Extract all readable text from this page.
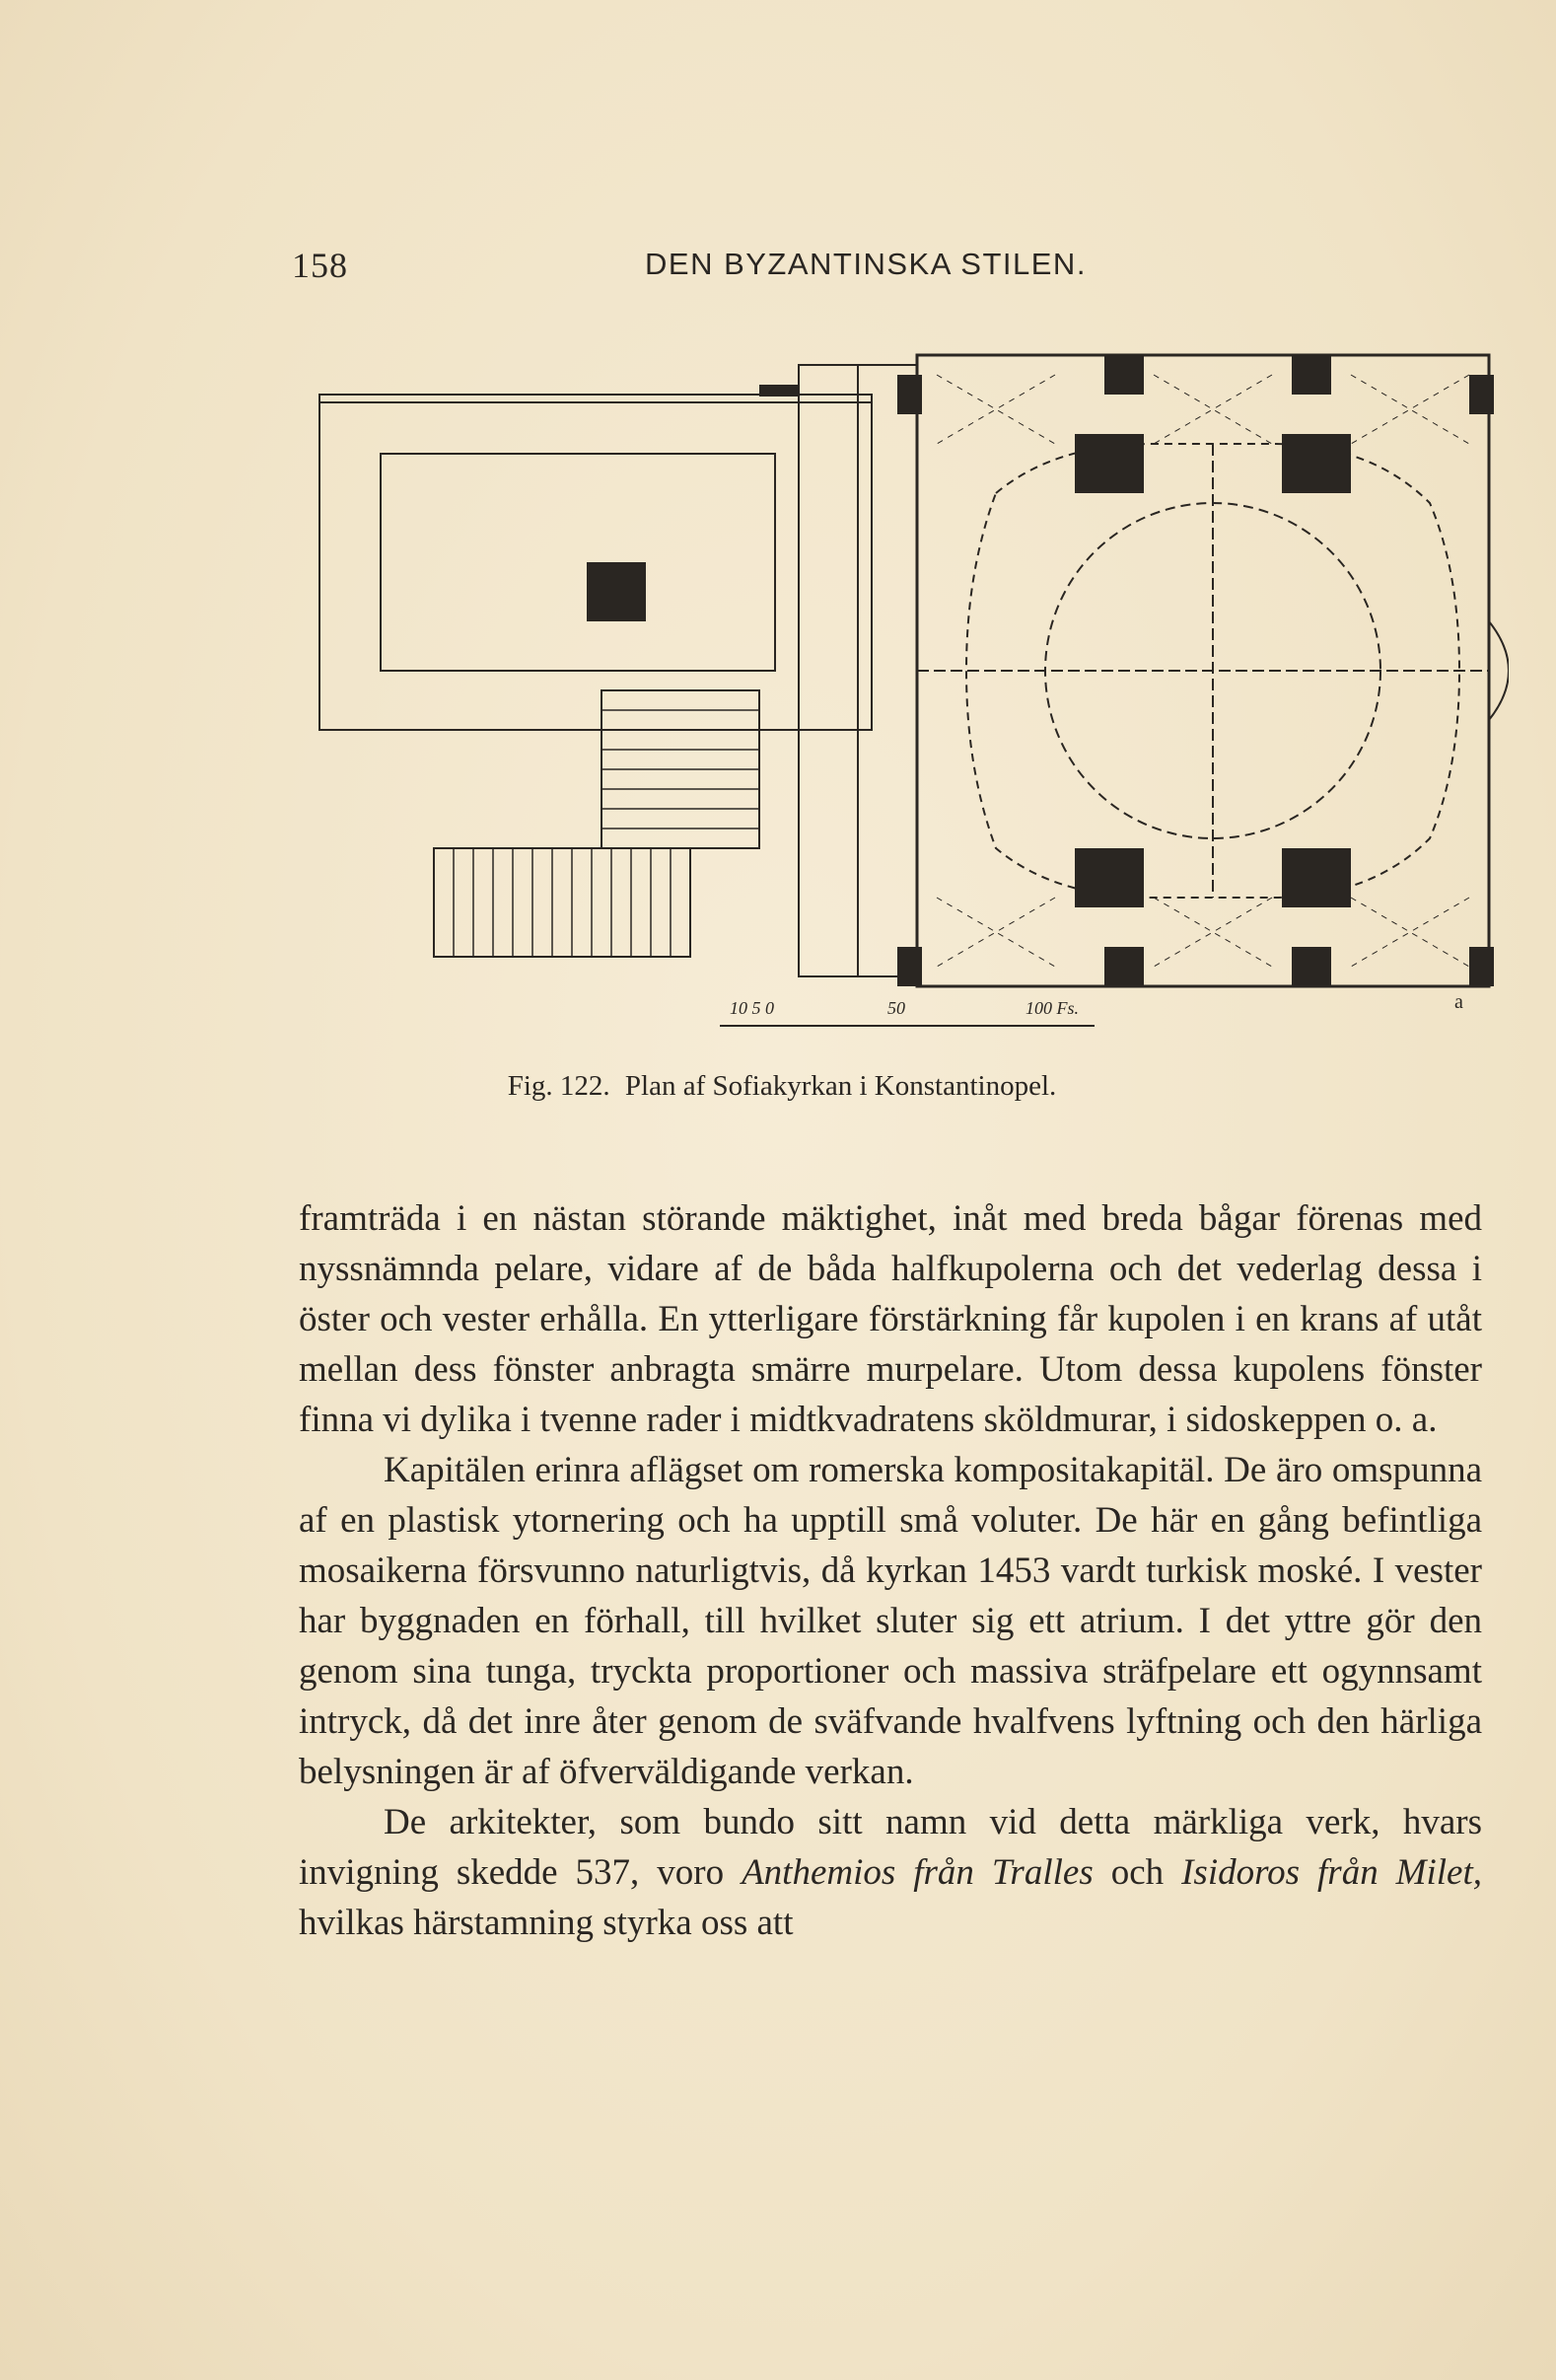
158	DEN BYZANTINSKA STILEN.
10 5 0	50	100 Fs.	a
Fig. 122. Plan af Sofiakyrkan i Konstantinopel.

framträda i en nästan störande mäktighet, inåt med breda bågar förenas med nyssnämnda pelare, vidare af de båda halfkupolerna och det vederlag dessa i öster och vester erhålla. En ytterligare förstärkning får kupolen i en krans af utåt mellan dess fönster anbragta smärre murpelare. Utom dessa kupolens fönster finna vi dylika i tvenne rader i midtkvadratens sköldmurar, i sidoskeppen o. a.

Kapitälen erinra aflägset om romerska kompositakapitäl. De äro omspunna af en plastisk ytornering och ha upptill små voluter. De här en gång befintliga mosaikerna försvunno naturligtvis, då kyrkan 1453 vardt turkisk moské. I vester har byggnaden en förhall, till hvilket sluter sig ett atrium. I det yttre gör den genom sina tunga, tryckta proportioner och massiva sträfpelare ett ogynnsamt intryck, då det inre åter genom de sväfvande hvalfvens lyftning och den härliga belysningen är af öfverväldigande verkan.

De arkitekter, som bundo sitt namn vid detta märkliga verk, hvars invigning skedde 537, voro Anthemios från Tralles och Isidoros från Milet, hvilkas härstamning styrka oss att
